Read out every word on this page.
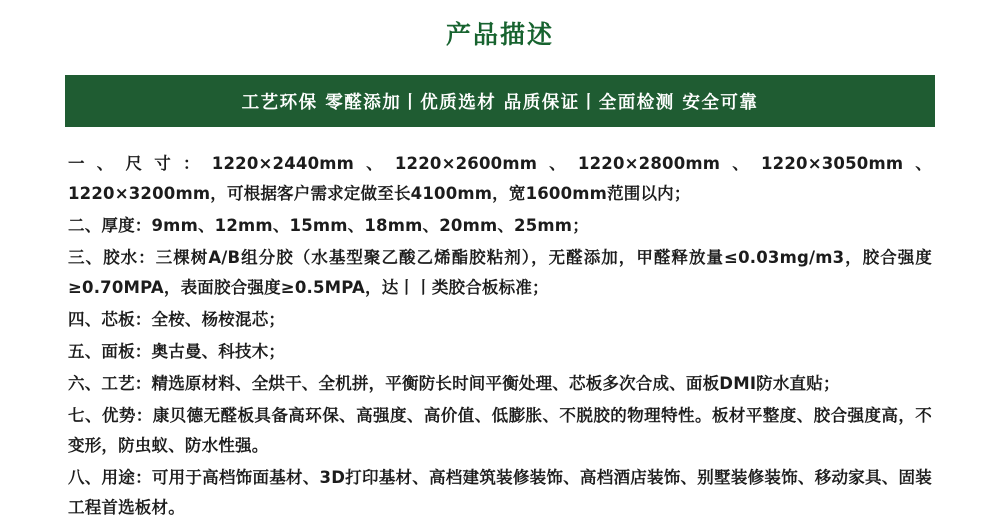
产品描述
工艺环保 零醛添加丨优质选材 品质保证丨全面检测 安全可靠

一、尺寸：1220×2440mm、1220×2600mm、1220×2800mm、1220×3050mm、1220×3200mm，可根据客户需求定做至长4100mm，宽1600mm范围以内；

二、厚度：9mm、12mm、15mm、18mm、20mm、25mm；

三、胶水：三棵树A/B组分胶（水基型聚乙酸乙烯酯胶粘剂），无醛添加，甲醛释放量≤0.03mg/m3，胶合强度≥0.70MPA，表面胶合强度≥0.5MPA，达丨丨类胶合板标准；

四、芯板：全桉、杨桉混芯；

五、面板：奥古曼、科技木；

六、工艺：精选原材料、全烘干、全机拼，平衡防长时间平衡处理、芯板多次合成、面板DMI防水直贴；

七、优势：康贝德无醛板具备高环保、高强度、高价值、低膨胀、不脱胶的物理特性。板材平整度、胶合强度高，不变形，防虫蚁、防水性强。

八、用途：可用于高档饰面基材、3D打印基材、高档建筑装修装饰、高档酒店装饰、别墅装修装饰、移动家具、固装工程首选板材。
